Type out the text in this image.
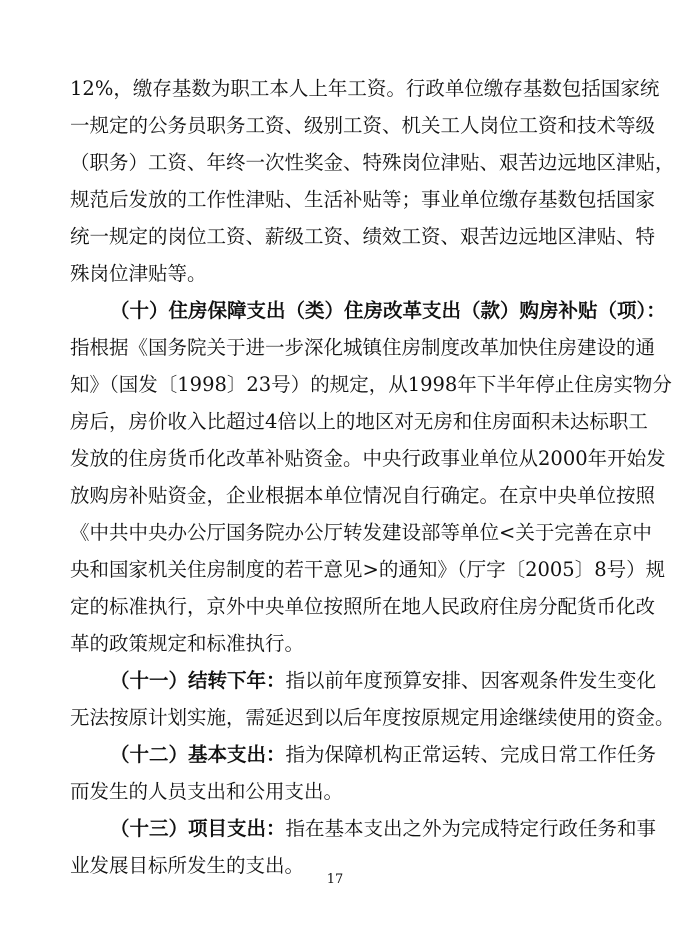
12%，缴存基数为职工本人上年工资。行政单位缴存基数包括国家统
一规定的公务员职务工资、级别工资、机关工人岗位工资和技术等级
（职务）工资、年终一次性奖金、特殊岗位津贴、艰苦边远地区津贴，
规范后发放的工作性津贴、生活补贴等；事业单位缴存基数包括国家
统一规定的岗位工资、薪级工资、绩效工资、艰苦边远地区津贴、特
殊岗位津贴等。
（十）住房保障支出（类）住房改革支出（款）购房补贴（项）：
指根据《国务院关于进一步深化城镇住房制度改革加快住房建设的通
知》（国发〔1998〕23号）的规定，从1998年下半年停止住房实物分
房后，房价收入比超过4倍以上的地区对无房和住房面积未达标职工
发放的住房货币化改革补贴资金。中央行政事业单位从2000年开始发
放购房补贴资金，企业根据本单位情况自行确定。在京中央单位按照
《中共中央办公厅国务院办公厅转发建设部等单位<关于完善在京中
央和国家机关住房制度的若干意见>的通知》（厅字〔2005〕8号）规
定的标准执行，京外中央单位按照所在地人民政府住房分配货币化改
革的政策规定和标准执行。
（十一）结转下年：指以前年度预算安排、因客观条件发生变化
无法按原计划实施，需延迟到以后年度按原规定用途继续使用的资金。
（十二）基本支出：指为保障机构正常运转、完成日常工作任务
而发生的人员支出和公用支出。
（十三）项目支出：指在基本支出之外为完成特定行政任务和事
业发展目标所发生的支出。
17
